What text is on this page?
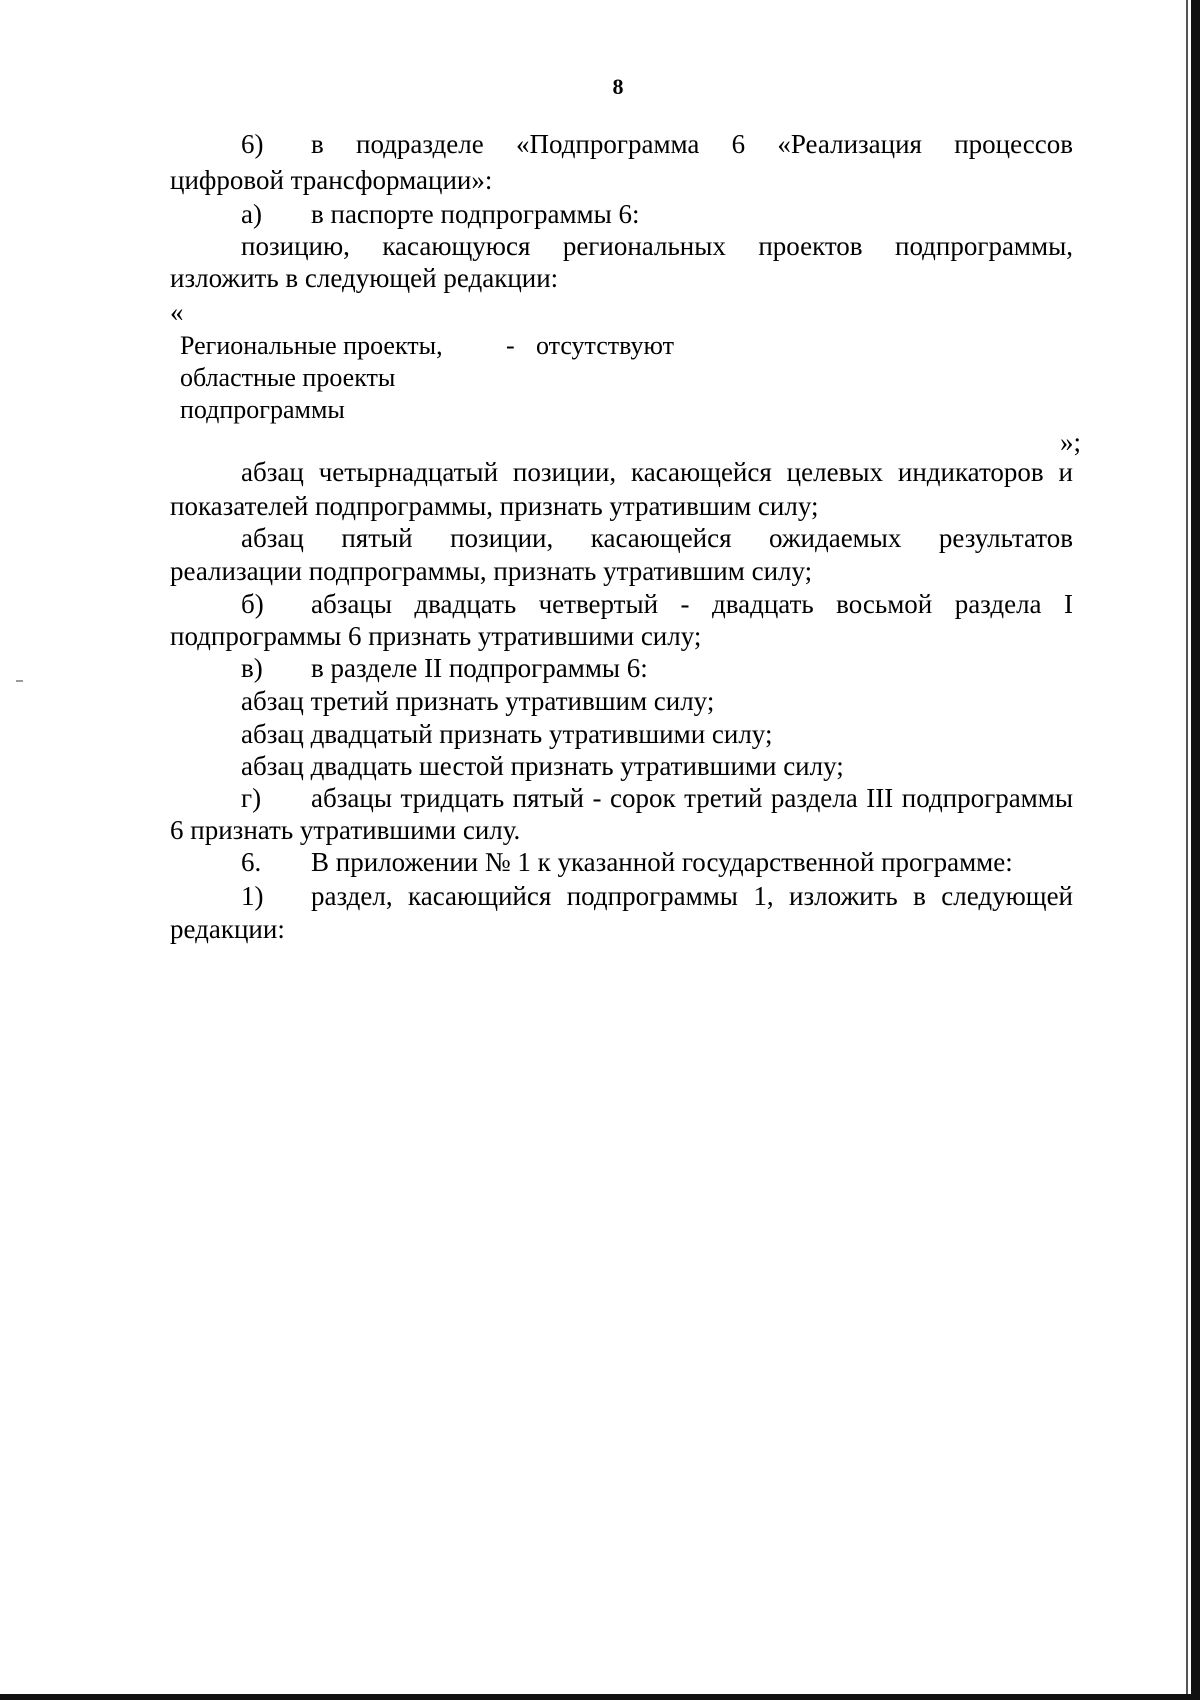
8
6) в подразделе «Подпрограмма 6 «Реализация процессов
цифровой трансформации»:
а) в паспорте подпрограммы 6:
позицию, касающуюся региональных проектов подпрограммы,
изложить в следующей редакции:
«
Региональные проекты,
областные проекты
подпрограммы
- отсутствуют
»;
абзац четырнадцатый позиции, касающейся целевых индикаторов и
показателей подпрограммы, признать утратившим силу;
абзац пятый позиции, касающейся ожидаемых результатов
реализации подпрограммы, признать утратившим силу;
б) абзацы двадцать четвертый - двадцать восьмой раздела I
подпрограммы 6 признать утратившими силу;
в) в разделе II подпрограммы 6:
абзац третий признать утратившим силу;
абзац двадцатый признать утратившими силу;
абзац двадцать шестой признать утратившими силу;
г) абзацы тридцать пятый - сорок третий раздела III подпрограммы
6 признать утратившими силу.
6. В приложении № 1 к указанной государственной программе:
1) раздел, касающийся подпрограммы 1, изложить в следующей
редакции:
